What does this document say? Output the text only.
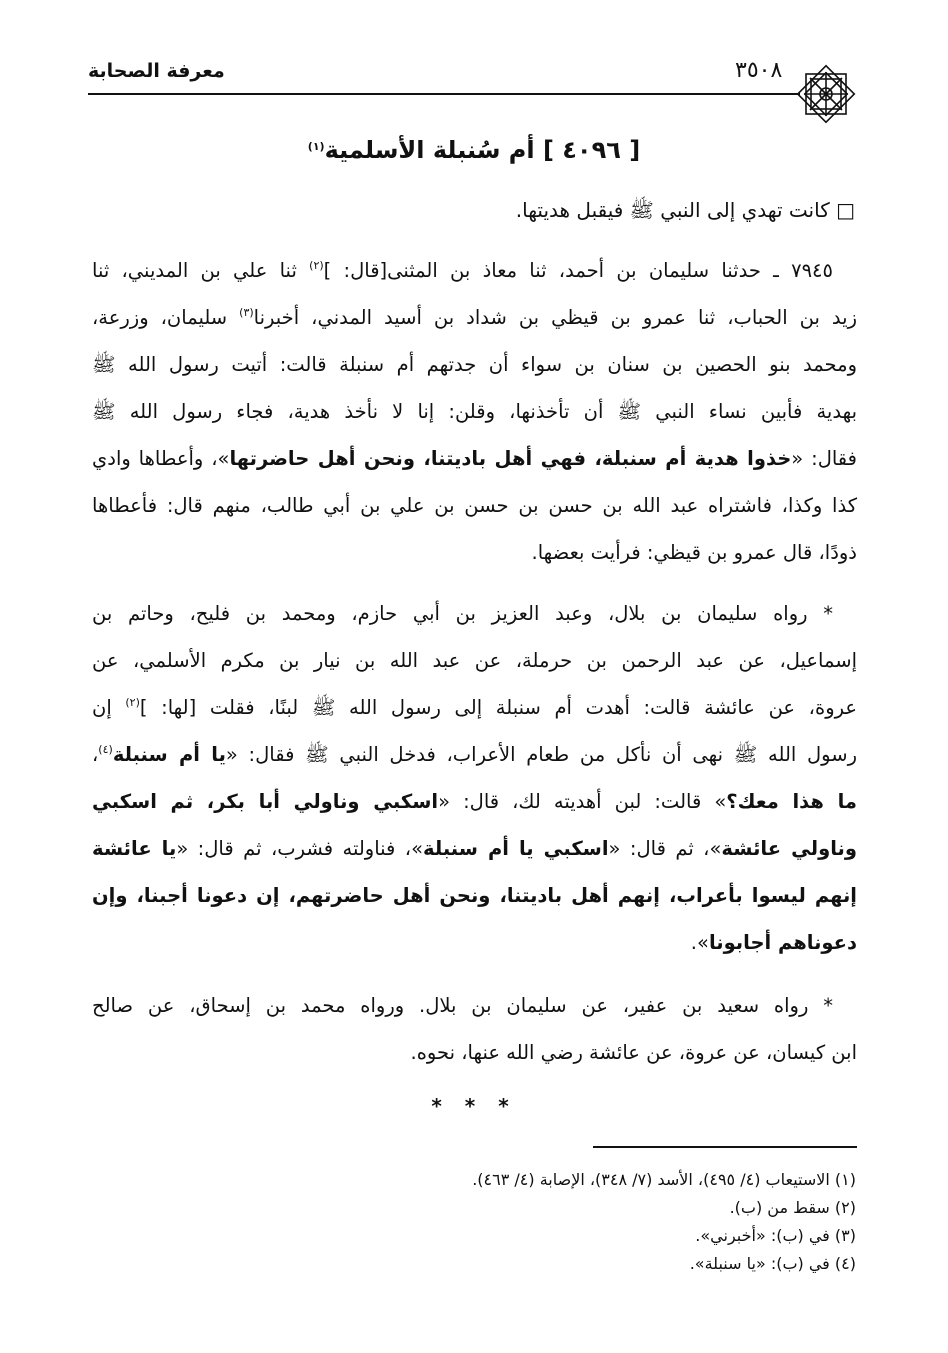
معرفة الصحابة	٣٥٠٨
[ ٤٠٩٦ ] أم سُنبلة الأسلمية$^{(١)}$
□ كانت تهدي إلى النبي ﷺ فيقبل هديتها.
٧٩٤٥ ـ حدثنا سليمان بن أحمد، ثنا معاذ بن المثنى[قال: ]$^{(٢)}$ ثنا علي بن المديني، ثنا
زيد بن الحباب، ثنا عمرو بن قيظي بن شداد بن أسيد المدني، أخبرنا$^{(٣)}$ سليمان، وزرعة،
ومحمد بنو الحصين بن سنان بن سواء أن جدتهم أم سنبلة قالت: أتيت رسول الله ﷺ
بهدية فأبين نساء النبي ﷺ أن تأخذنها، وقلن: إنا لا نأخذ هدية، فجاء رسول الله ﷺ
فقال: «خذوا هدية أم سنبلة، فهي أهل باديتنا، ونحن أهل حاضرتها»، وأعطاها وادي
كذا وكذا، فاشتراه عبد الله بن حسن بن حسن بن علي بن أبي طالب، منهم قال: فأعطاها
ذودًا، قال عمرو بن قيظي: فرأيت بعضها.
* رواه سليمان بن بلال، وعبد العزيز بن أبي حازم، ومحمد بن فليح، وحاتم بن
إسماعيل، عن عبد الرحمن بن حرملة، عن عبد الله بن نيار بن مكرم الأسلمي، عن
عروة، عن عائشة قالت: أهدت أم سنبلة إلى رسول الله ﷺ لبنًا، فقلت [لها: ]$^{(٢)}$ إن
رسول الله ﷺ نهى أن نأكل من طعام الأعراب، فدخل النبي ﷺ فقال: «يا أم سنبلة$^{(٤)}$،
ما هذا معك؟» قالت: لبن أهديته لك، قال: «اسكبي وناولي أبا بكر، ثم اسكبي
وناولي عائشة»، ثم قال: «اسكبي يا أم سنبلة»، فناولته فشرب، ثم قال: «يا عائشة
إنهم ليسوا بأعراب، إنهم أهل باديتنا، ونحن أهل حاضرتهم، إن دعونا أجبنا، وإن
دعوناهم أجابونا».
* رواه سعيد بن عفير، عن سليمان بن بلال. ورواه محمد بن إسحاق، عن صالح
ابن كيسان، عن عروة، عن عائشة رضي الله عنها، نحوه.
* * *
(١) الاستيعاب (٤/ ٤٩٥)، الأسد (٧/ ٣٤٨)، الإصابة (٤/ ٤٦٣).
(٢) سقط من (ب).
(٣) في (ب): «أخبرني».
(٤) في (ب): «يا سنبلة».
